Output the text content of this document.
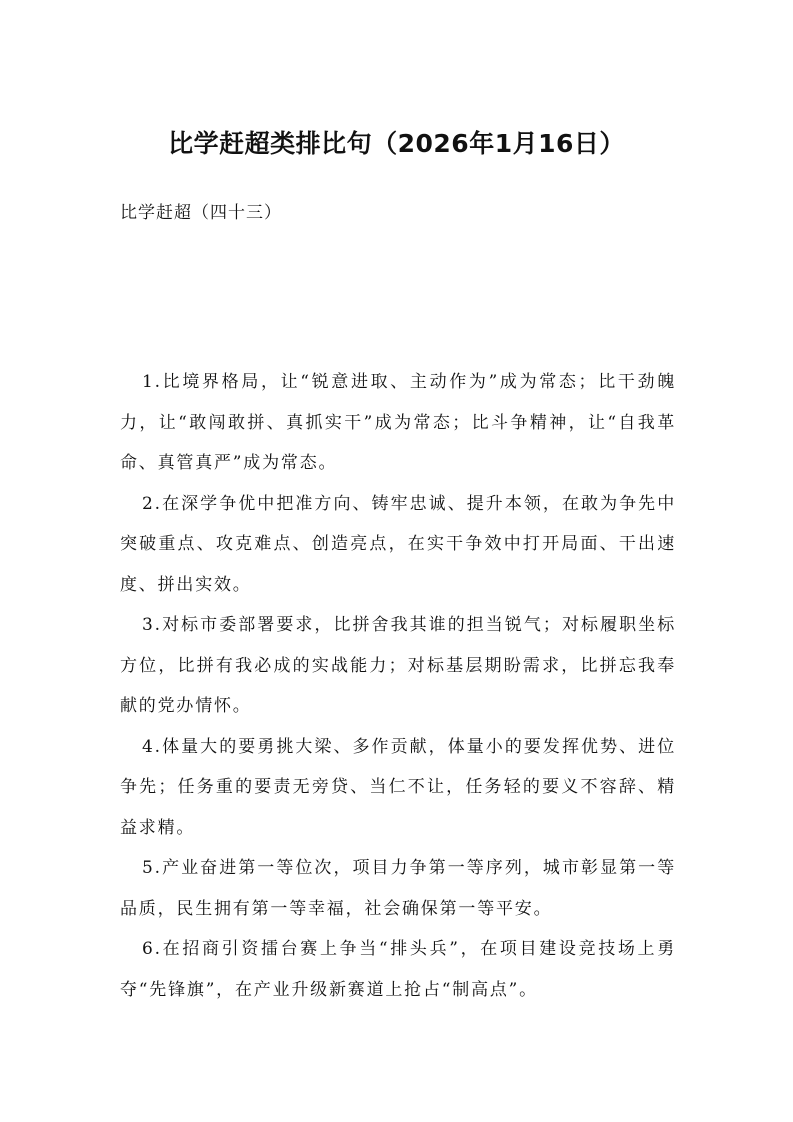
比学赶超类排比句（2026年1月16日）

比学赶超（四十三）

1.比境界格局，让“锐意进取、主动作为”成为常态；比干劲魄力，让“敢闯敢拼、真抓实干”成为常态；比斗争精神，让“自我革命、真管真严”成为常态。

2.在深学争优中把准方向、铸牢忠诚、提升本领，在敢为争先中突破重点、攻克难点、创造亮点，在实干争效中打开局面、干出速度、拼出实效。

3.对标市委部署要求，比拼舍我其谁的担当锐气；对标履职坐标方位，比拼有我必成的实战能力；对标基层期盼需求，比拼忘我奉献的党办情怀。

4.体量大的要勇挑大梁、多作贡献，体量小的要发挥优势、进位争先；任务重的要责无旁贷、当仁不让，任务轻的要义不容辞、精益求精。

5.产业奋进第一等位次，项目力争第一等序列，城市彰显第一等品质，民生拥有第一等幸福，社会确保第一等平安。

6.在招商引资擂台赛上争当“排头兵”，在项目建设竞技场上勇夺“先锋旗”，在产业升级新赛道上抢占“制高点”。
